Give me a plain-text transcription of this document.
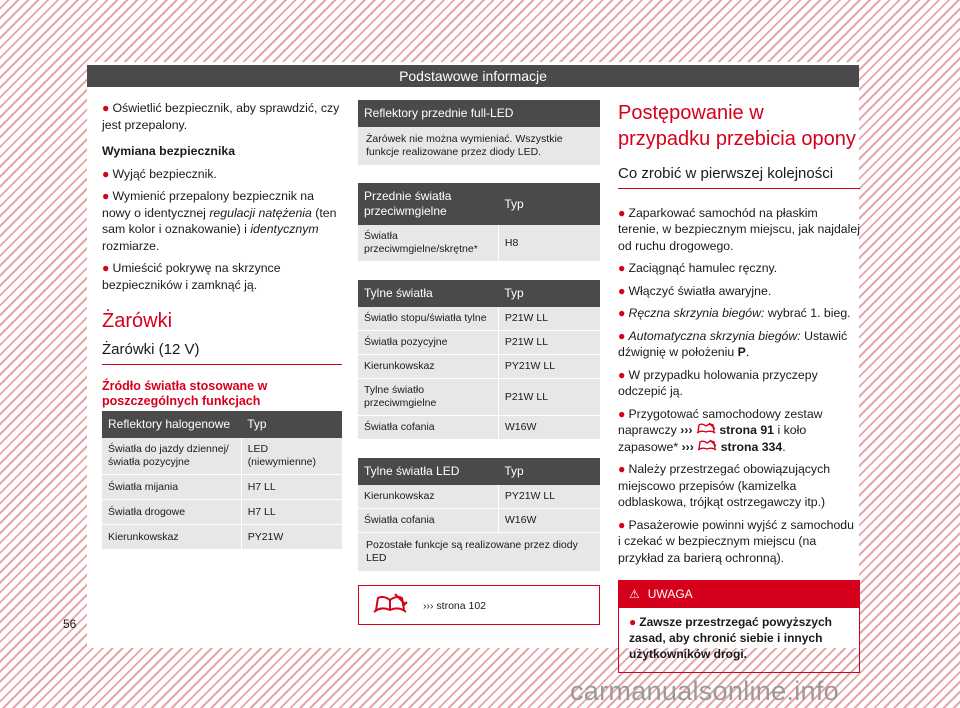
Podstawowe informacje
● Oświetlić bezpiecznik, aby sprawdzić, czy jest przepalony.
Wymiana bezpiecznika
● Wyjąć bezpiecznik.
● Wymienić przepalony bezpiecznik na nowy o identycznej regulacji natężenia (ten sam kolor i oznakowanie) i identycznym rozmiarze.
● Umieścić pokrywę na skrzynce bezpieczników i zamknąć ją.
Żarówki
Żarówki (12 V)
Źródło światła stosowane w poszczególnych funkcjach
Reflektory halogenowe	Typ
Światła do jazdy dziennej/światła pozycyjne	LED (niewymienne)
Światła mijania	H7 LL
Światła drogowe	H7 LL
Kierunkowskaz	PY21W
Reflektory przednie full-LED
Żarówek nie można wymieniać. Wszystkie funkcje realizowane przez diody LED.
Przednie światła przeciwmgielne	Typ
Światła przeciwmgielne/skrętne*	H8
Tylne światła	Typ
Światło stopu/światła tylne	P21W LL
Światła pozycyjne	P21W LL
Kierunkowskaz	PY21W LL
Tylne światło przeciwmgielne	P21W LL
Światła cofania	W16W
Tylne światła LED	Typ
Kierunkowskaz	PY21W LL
Światła cofania	W16W
Pozostałe funkcje są realizowane przez diody LED
››› strona 102
Postępowanie w przypadku przebicia opony
Co zrobić w pierwszej kolejności
● Zaparkować samochód na płaskim terenie, w bezpiecznym miejscu, jak najdalej od ruchu drogowego.
● Zaciągnąć hamulec ręczny.
● Włączyć światła awaryjne.
● Ręczna skrzynia biegów: wybrać 1. bieg.
● Automatyczna skrzynia biegów: Ustawić dźwignię w położeniu P.
● W przypadku holowania przyczepy odczepić ją.
● Przygotować samochodowy zestaw naprawczy ››› strona 91 i koło zapasowe* ››› strona 334.
● Należy przestrzegać obowiązujących miejscowo przepisów (kamizelka odblaskowa, trójkąt ostrzegawczy itp.)
● Pasażerowie powinni wyjść z samochodu i czekać w bezpiecznym miejscu (na przykład za barierą ochronną).
⚠ UWAGA
● Zawsze przestrzegać powyższych zasad, aby chronić siebie i innych użytkowników drogi.
56
carmanualsonline.info
